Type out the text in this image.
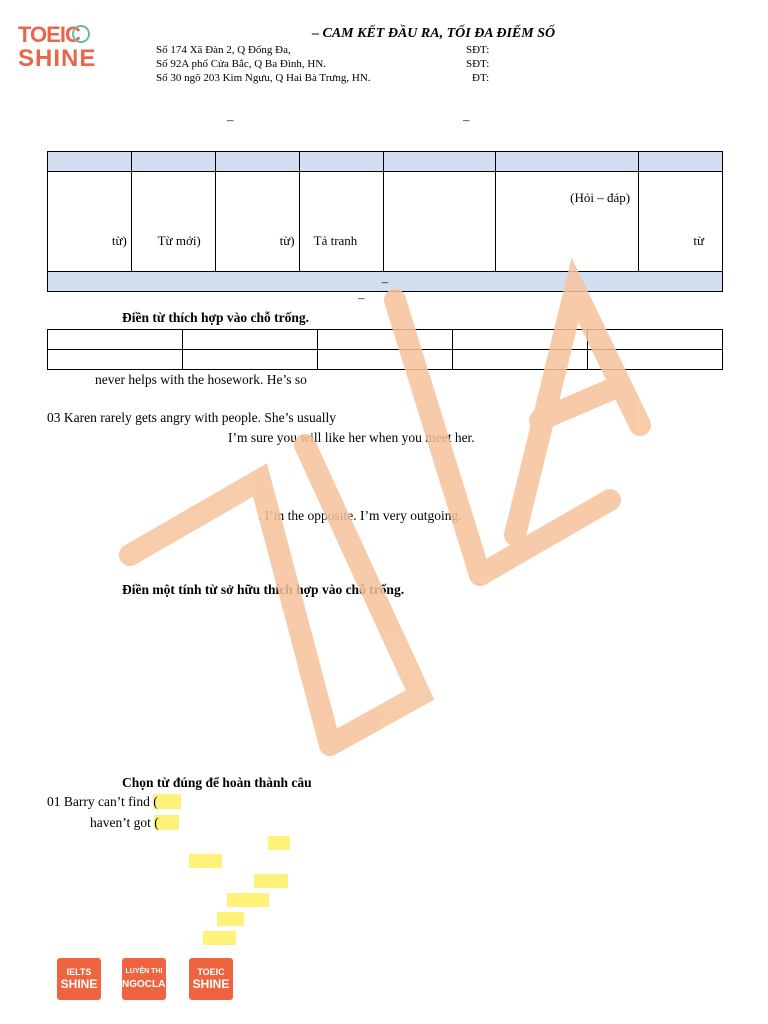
TOEIC
SHINE
– CAM KẾT ĐẦU RA, TỐI ĐA ĐIỂM SỐ
Số 174 Xã Đàn 2, Q Đống Đa,
Số 92A phố Cửa Bắc, Q Ba Đình, HN.
Số 30 ngõ 203 Kim Ngưu, Q Hai Bà Trưng, HN.
SĐT:
SĐT:
ĐT:
–	–

từ)	Từ mới)	từ)	Tả tranh		(Hỏi – đáp)	từ
–						
–
Điền từ thích hợp vào chỗ trống.

never helps with the hosework. He’s so
03 Karen rarely gets angry with people. She’s usually
I’m sure you will like her when you meet her.
. I’m the opposite. I’m very outgoing.
Điền một tính từ sở hữu thích hợp vào chỗ trống.
Chọn từ đúng để hoàn thành câu
01 Barry can’t find (
haven’t got (
IELTS
SHINE
LUYỆN THI
NGOCLAN
TOEIC
SHINE
